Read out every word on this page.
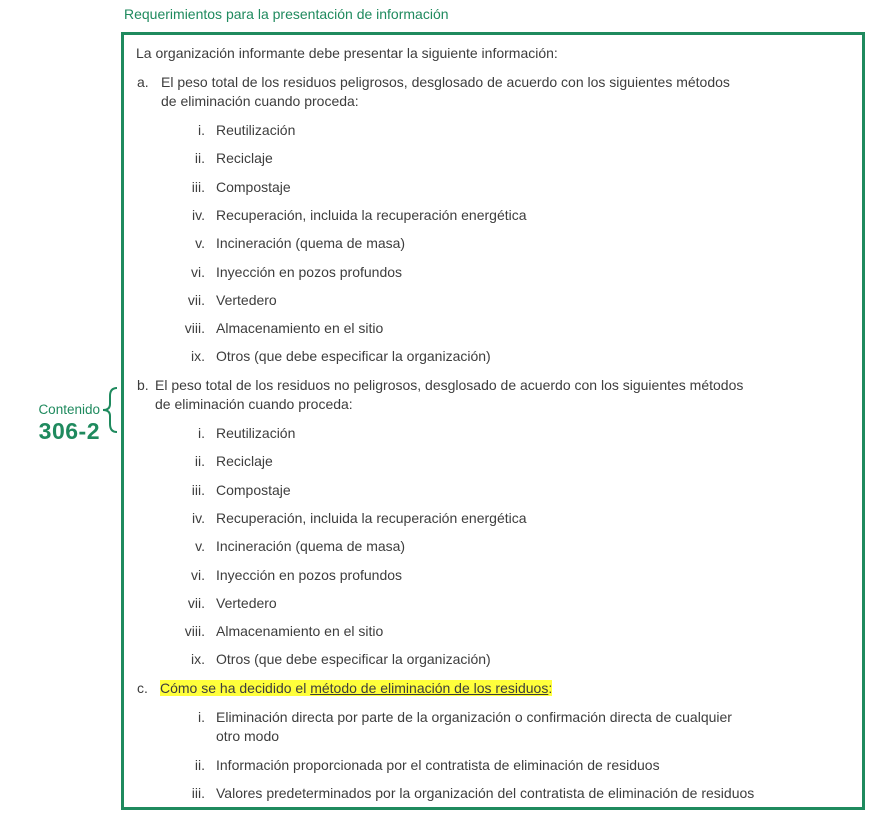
Requerimientos para la presentación de información
Contenido
306-2
La organización informante debe presentar la siguiente información:
a. El peso total de los residuos peligrosos, desglosado de acuerdo con los siguientes métodos
de eliminación cuando proceda:
i. Reutilización
ii. Reciclaje
iii. Compostaje
iv. Recuperación, incluida la recuperación energética
v. Incineración (quema de masa)
vi. Inyección en pozos profundos
vii. Vertedero
viii. Almacenamiento en el sitio
ix. Otros (que debe especificar la organización)
b. El peso total de los residuos no peligrosos, desglosado de acuerdo con los siguientes métodos
de eliminación cuando proceda:
i. Reutilización
ii. Reciclaje
iii. Compostaje
iv. Recuperación, incluida la recuperación energética
v. Incineración (quema de masa)
vi. Inyección en pozos profundos
vii. Vertedero
viii. Almacenamiento en el sitio
ix. Otros (que debe especificar la organización)
c. Cómo se ha decidido el método de eliminación de los residuos:
i. Eliminación directa por parte de la organización o confirmación directa de cualquier
otro modo
ii. Información proporcionada por el contratista de eliminación de residuos
iii. Valores predeterminados por la organización del contratista de eliminación de residuos
